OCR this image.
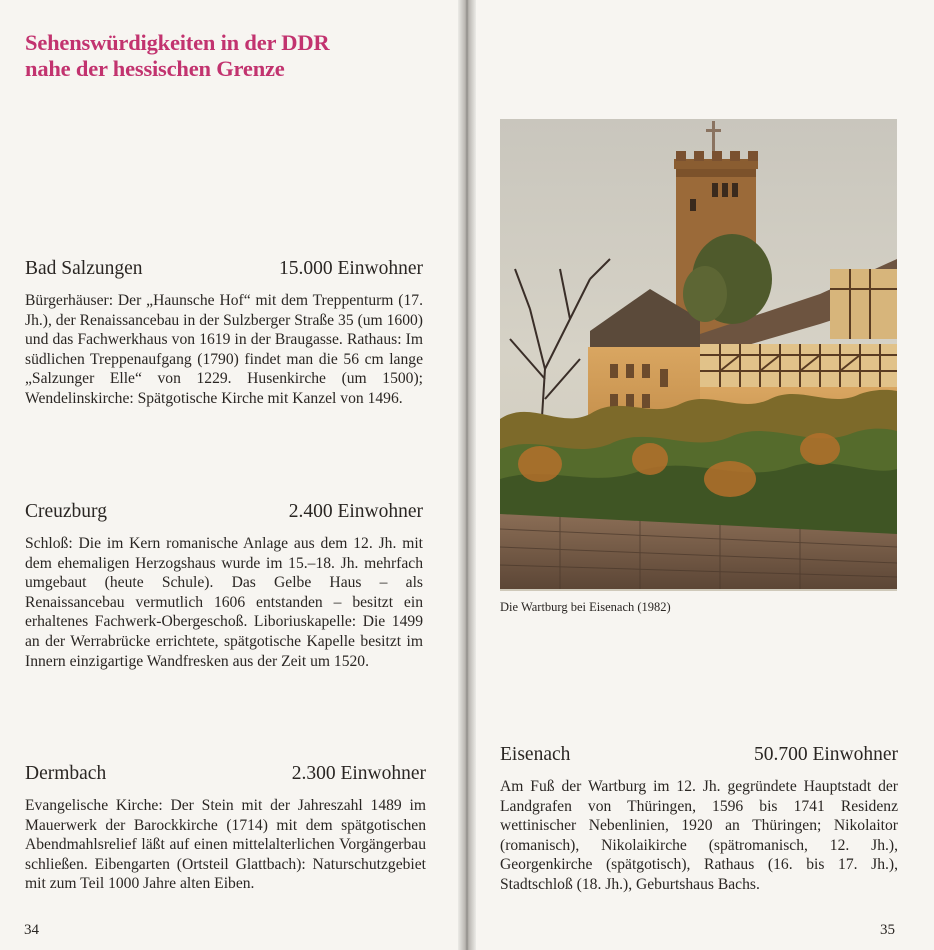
Sehenswürdigkeiten in der DDR
nahe der hessischen Grenze
Bad Salzungen	15.000 Einwohner

Bürgerhäuser: Der „Haunsche Hof“ mit dem Treppenturm (17. Jh.), der Renaissancebau in der Sulzberger Straße 35 (um 1600) und das Fachwerkhaus von 1619 in der Braugasse. Rathaus: Im südlichen Treppenaufgang (1790) findet man die 56 cm lange „Salzunger Elle“ von 1229. Husenkirche (um 1500); Wendelinskirche: Spätgotische Kirche mit Kanzel von 1496.

Creuzburg	2.400 Einwohner

Schloß: Die im Kern romanische Anlage aus dem 12. Jh. mit dem ehemaligen Herzogshaus wurde im 15.–18. Jh. mehrfach umgebaut (heute Schule). Das Gelbe Haus – als Renaissancebau vermutlich 1606 entstanden – besitzt ein erhaltenes Fachwerk-Obergeschoß. Liboriuskapelle: Die 1499 an der Werrabrücke errichtete, spätgotische Kapelle besitzt im Innern einzigartige Wandfresken aus der Zeit um 1520.

Dermbach	2.300 Einwohner

Evangelische Kirche: Der Stein mit der Jahreszahl 1489 im Mauerwerk der Barockkirche (1714) mit dem spätgotischen Abendmahlsrelief läßt auf einen mittelalterlichen Vorgängerbau schließen. Eibengarten (Ortsteil Glattbach): Naturschutzgebiet mit zum Teil 1000 Jahre alten Eiben.

34
Die Wartburg bei Eisenach (1982)
Eisenach	50.700 Einwohner

Am Fuß der Wartburg im 12. Jh. gegründete Hauptstadt der Landgrafen von Thüringen, 1596 bis 1741 Residenz wettinischer Nebenlinien, 1920 an Thüringen; Nikolaitor (romanisch), Nikolaikirche (spätromanisch, 12. Jh.), Georgenkirche (spätgotisch), Rathaus (16. bis 17. Jh.), Stadtschloß (18. Jh.), Geburtshaus Bachs.

35
